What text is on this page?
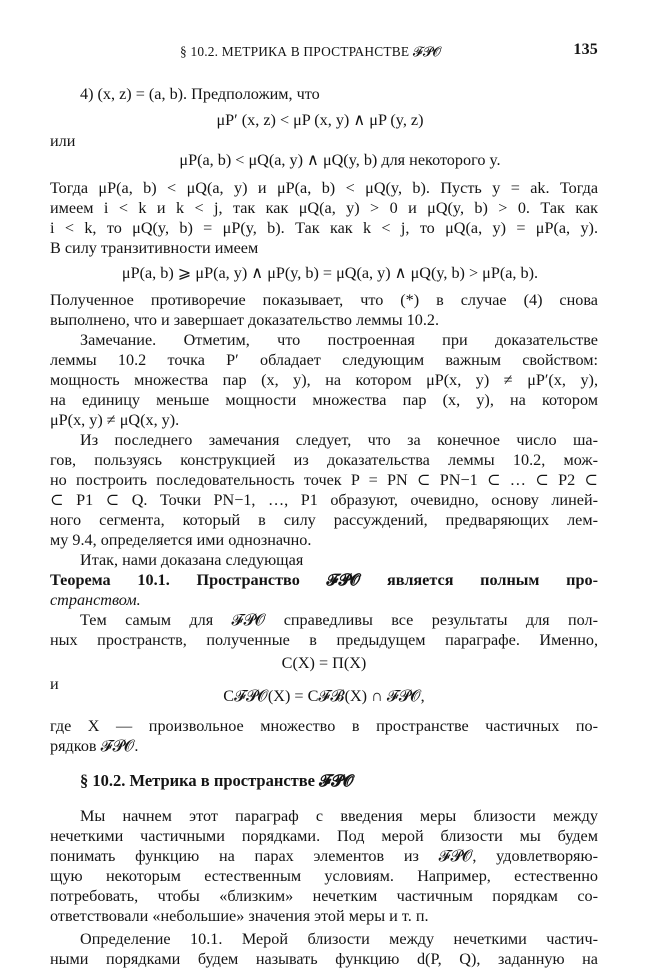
§ 10.2. МЕТРИКА В ПРОСТРАНСТВЕ 𝓕𝓟𝓞	135
4) (x, z) = (a, b). Предположим, что
μP′ (x, z) < μP (x, y) ∧ μP (y, z)
или
μP(a, b) < μQ(a, y) ∧ μQ(y, b) для некоторого y.
Тогда μP(a, b) < μQ(a, y) и μP(a, b) < μQ(y, b). Пусть y = ak. Тогда
имеем i < k и k < j, так как μQ(a, y) > 0 и μQ(y, b) > 0. Так как
i < k, то μQ(y, b) = μP(y, b). Так как k < j, то μQ(a, y) = μP(a, y).
В силу транзитивности имеем
μP(a, b) ⩾ μP(a, y) ∧ μP(y, b) = μQ(a, y) ∧ μQ(y, b) > μP(a, b).
Полученное противоречие показывает, что (*) в случае (4) снова
выполнено, что и завершает доказательство леммы 10.2.
Замечание. Отметим, что построенная при доказательстве
леммы 10.2 точка P′ обладает следующим важным свойством:
мощность множества пар (x, y), на котором μP(x, y) ≠ μP′(x, y),
на единицу меньше мощности множества пар (x, y), на котором
μP(x, y) ≠ μQ(x, y).
Из последнего замечания следует, что за конечное число ша-
гов, пользуясь конструкцией из доказательства леммы 10.2, мож-
но построить последовательность точек P = PN ⊂ PN−1 ⊂ … ⊂ P2 ⊂
⊂ P1 ⊂ Q. Точки PN−1, …, P1 образуют, очевидно, основу линей-
ного сегмента, который в силу рассуждений, предваряющих лем-
му 9.4, определяется ими однозначно.
Итак, нами доказана следующая
Теорема 10.1. Пространство 𝓕𝓟𝓞 является полным про-
странством.
Тем самым для 𝓕𝓟𝓞 справедливы все результаты для пол-
ных пространств, полученные в предыдущем параграфе. Именно,
C(X) = Π(X)
и
C𝓕𝓟𝓞(X) = C𝓕𝓑(X) ∩ 𝓕𝓟𝓞,
где X — произвольное множество в пространстве частичных по-
рядков 𝓕𝓟𝓞.
§ 10.2. Метрика в пространстве 𝓕𝓟𝓞
Мы начнем этот параграф с введения меры близости между
нечеткими частичными порядками. Под мерой близости мы будем
понимать функцию на парах элементов из 𝓕𝓟𝓞, удовлетворяю-
щую некоторым естественным условиям. Например, естественно
потребовать, чтобы «близким» нечетким частичным порядкам со-
ответствовали «небольшие» значения этой меры и т. п.
Определение 10.1. Мерой близости между нечеткими частич-
ными порядками будем называть функцию d(P, Q), заданную на
